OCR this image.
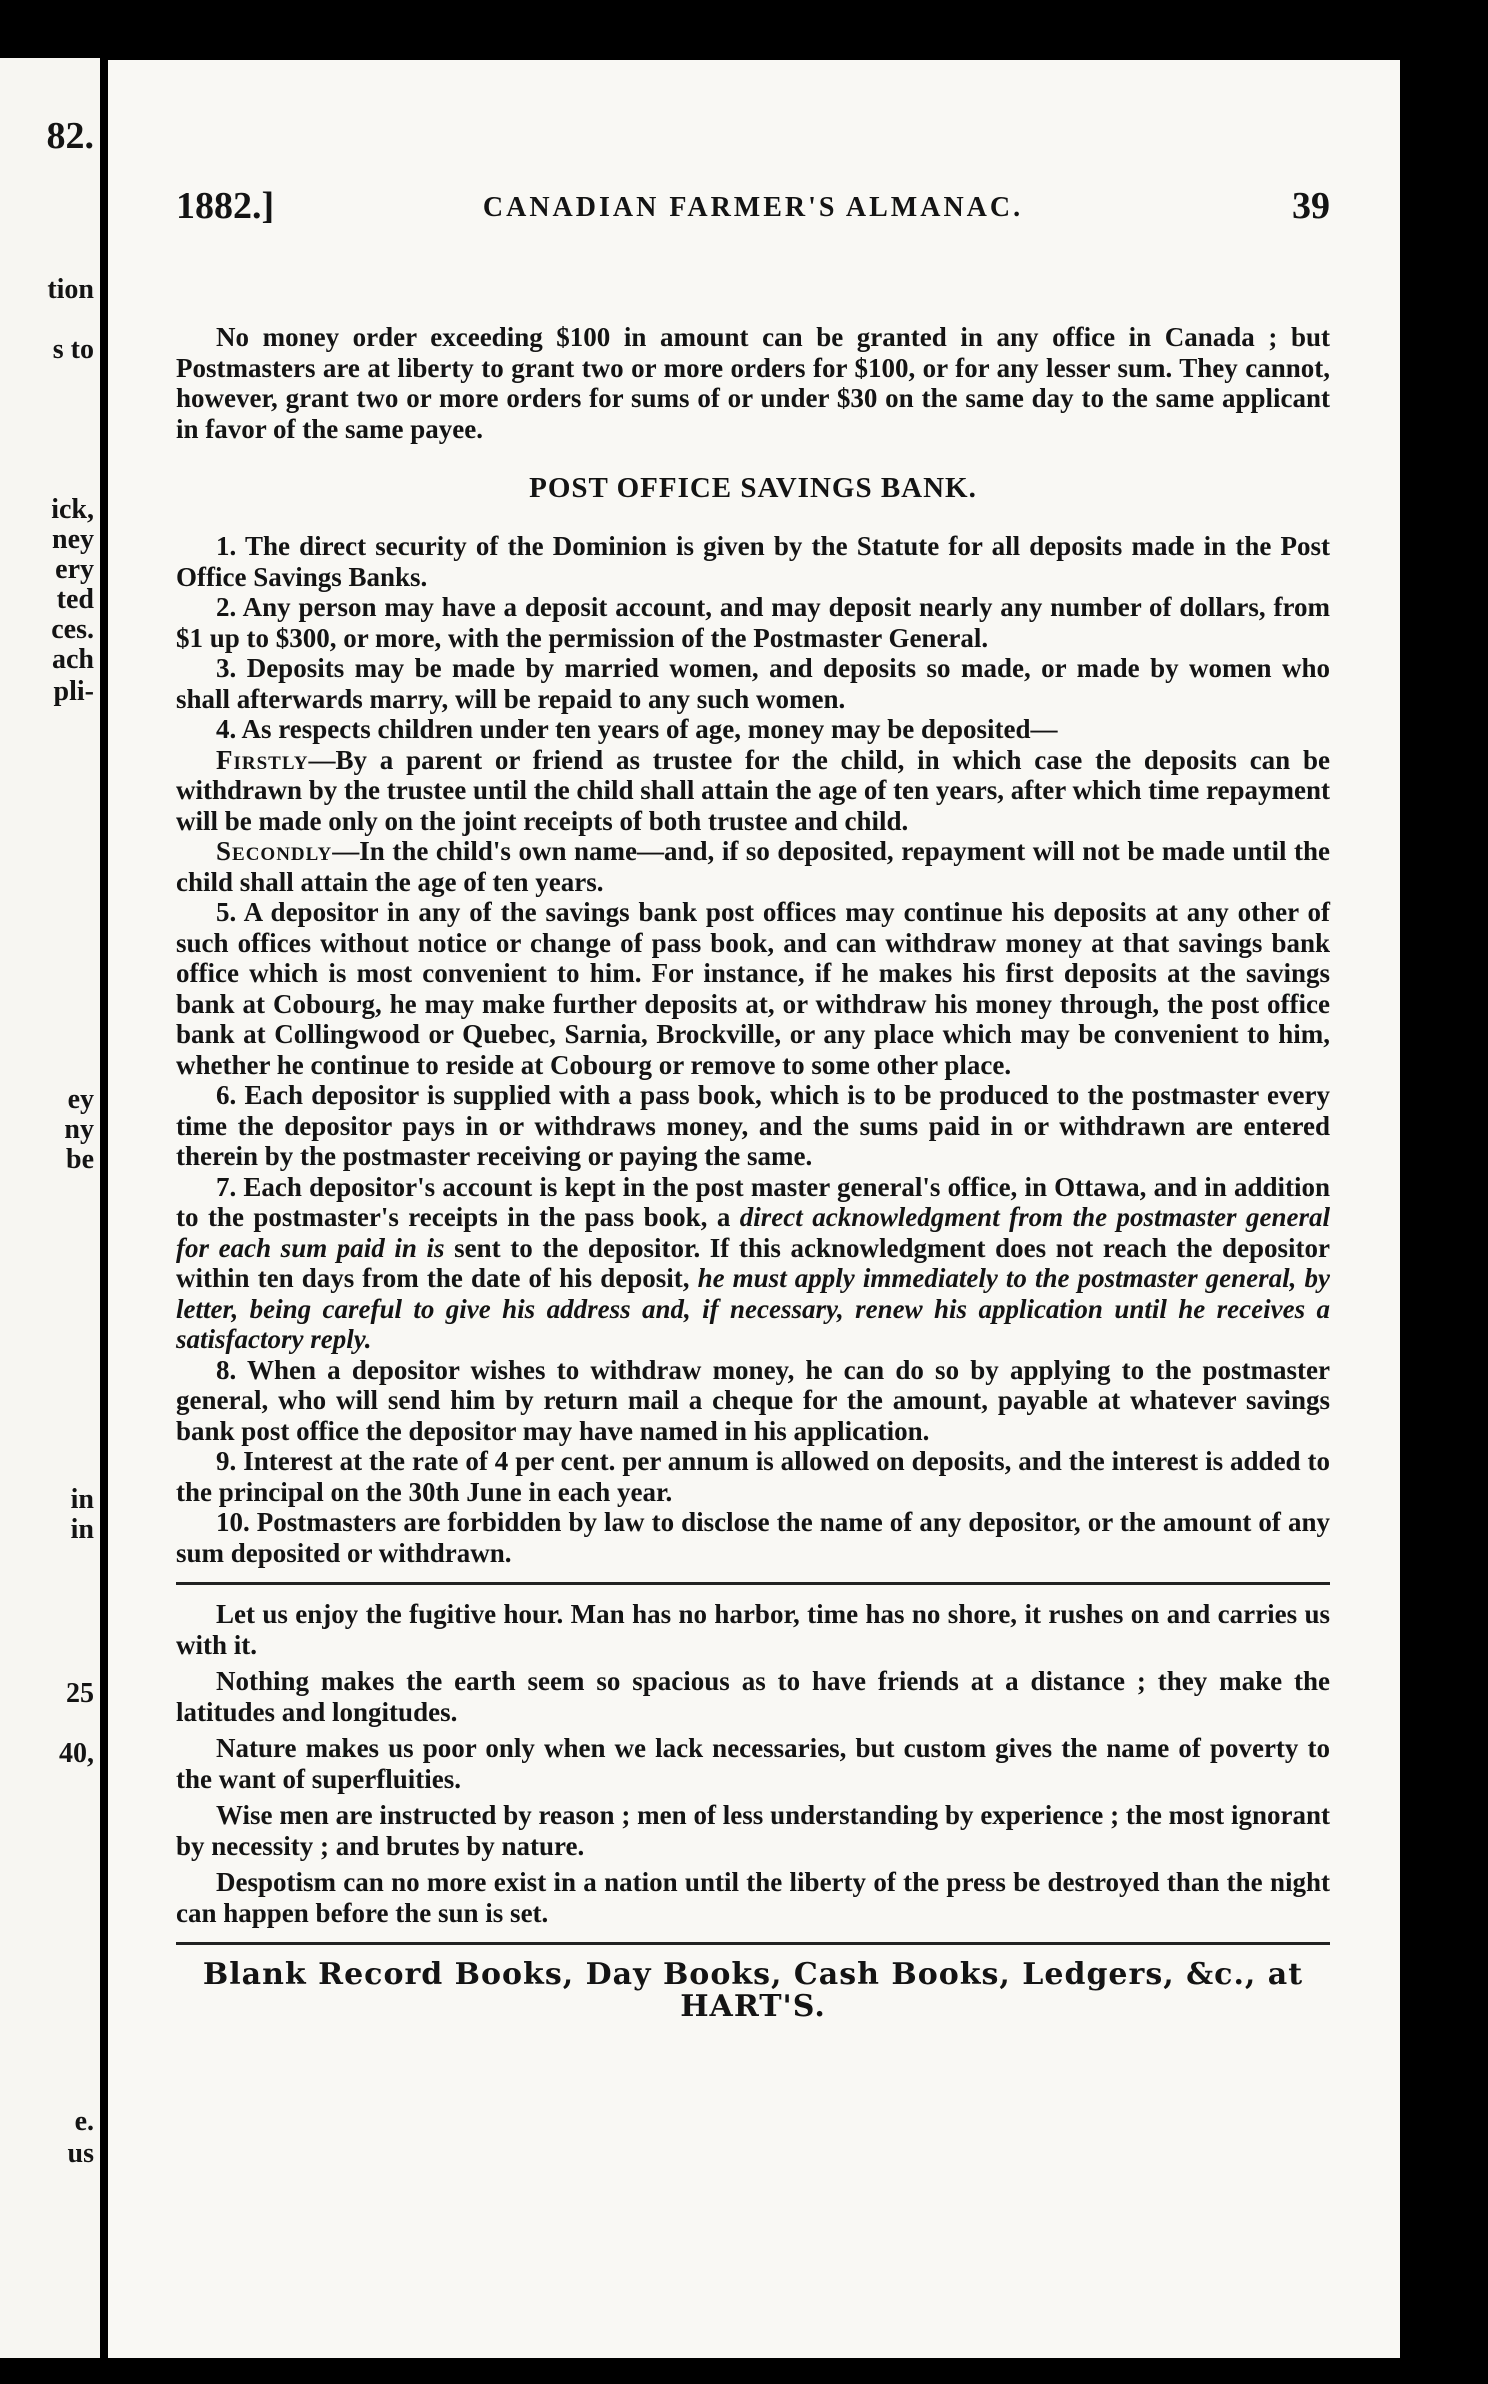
82.
tion
s to
ick,
ney
ery
ted
ces.
ach
pli-
ey
ny
be
in
in
25
40,
e.
us
1882.]	CANADIAN FARMER'S ALMANAC.	39

No money order exceeding $100 in amount can be granted in any office in Canada ; but Postmasters are at liberty to grant two or more orders for $100, or for any lesser sum. They cannot, however, grant two or more orders for sums of or under $30 on the same day to the same applicant in favor of the same payee.

POST OFFICE SAVINGS BANK.

1. The direct security of the Dominion is given by the Statute for all deposits made in the Post Office Savings Banks.

2. Any person may have a deposit account, and may deposit nearly any number of dollars, from $1 up to $300, or more, with the permission of the Postmaster General.

3. Deposits may be made by married women, and deposits so made, or made by women who shall afterwards marry, will be repaid to any such women.

4. As respects children under ten years of age, money may be deposited—

Firstly—By a parent or friend as trustee for the child, in which case the deposits can be withdrawn by the trustee until the child shall attain the age of ten years, after which time repayment will be made only on the joint receipts of both trustee and child.

Secondly—In the child's own name—and, if so deposited, repayment will not be made until the child shall attain the age of ten years.

5. A depositor in any of the savings bank post offices may continue his deposits at any other of such offices without notice or change of pass book, and can withdraw money at that savings bank office which is most convenient to him. For instance, if he makes his first deposits at the savings bank at Cobourg, he may make further deposits at, or withdraw his money through, the post office bank at Collingwood or Quebec, Sarnia, Brockville, or any place which may be convenient to him, whether he continue to reside at Cobourg or remove to some other place.

6. Each depositor is supplied with a pass book, which is to be produced to the postmaster every time the depositor pays in or withdraws money, and the sums paid in or withdrawn are entered therein by the postmaster receiving or paying the same.

7. Each depositor's account is kept in the post master general's office, in Ottawa, and in addition to the postmaster's receipts in the pass book, a direct acknowledgment from the postmaster general for each sum paid in is sent to the depositor. If this acknowledgment does not reach the depositor within ten days from the date of his deposit, he must apply immediately to the postmaster general, by letter, being careful to give his address and, if necessary, renew his application until he receives a satisfactory reply.

8. When a depositor wishes to withdraw money, he can do so by applying to the postmaster general, who will send him by return mail a cheque for the amount, payable at whatever savings bank post office the depositor may have named in his application.

9. Interest at the rate of 4 per cent. per annum is allowed on deposits, and the interest is added to the principal on the 30th June in each year.

10. Postmasters are forbidden by law to disclose the name of any depositor, or the amount of any sum deposited or withdrawn.

Let us enjoy the fugitive hour. Man has no harbor, time has no shore, it rushes on and carries us with it.

Nothing makes the earth seem so spacious as to have friends at a distance ; they make the latitudes and longitudes.

Nature makes us poor only when we lack necessaries, but custom gives the name of poverty to the want of superfluities.

Wise men are instructed by reason ; men of less understanding by experience ; the most ignorant by necessity ; and brutes by nature.

Despotism can no more exist in a nation until the liberty of the press be destroyed than the night can happen before the sun is set.

Blank Record Books, Day Books, Cash Books, Ledgers, &c., at
HART'S.
